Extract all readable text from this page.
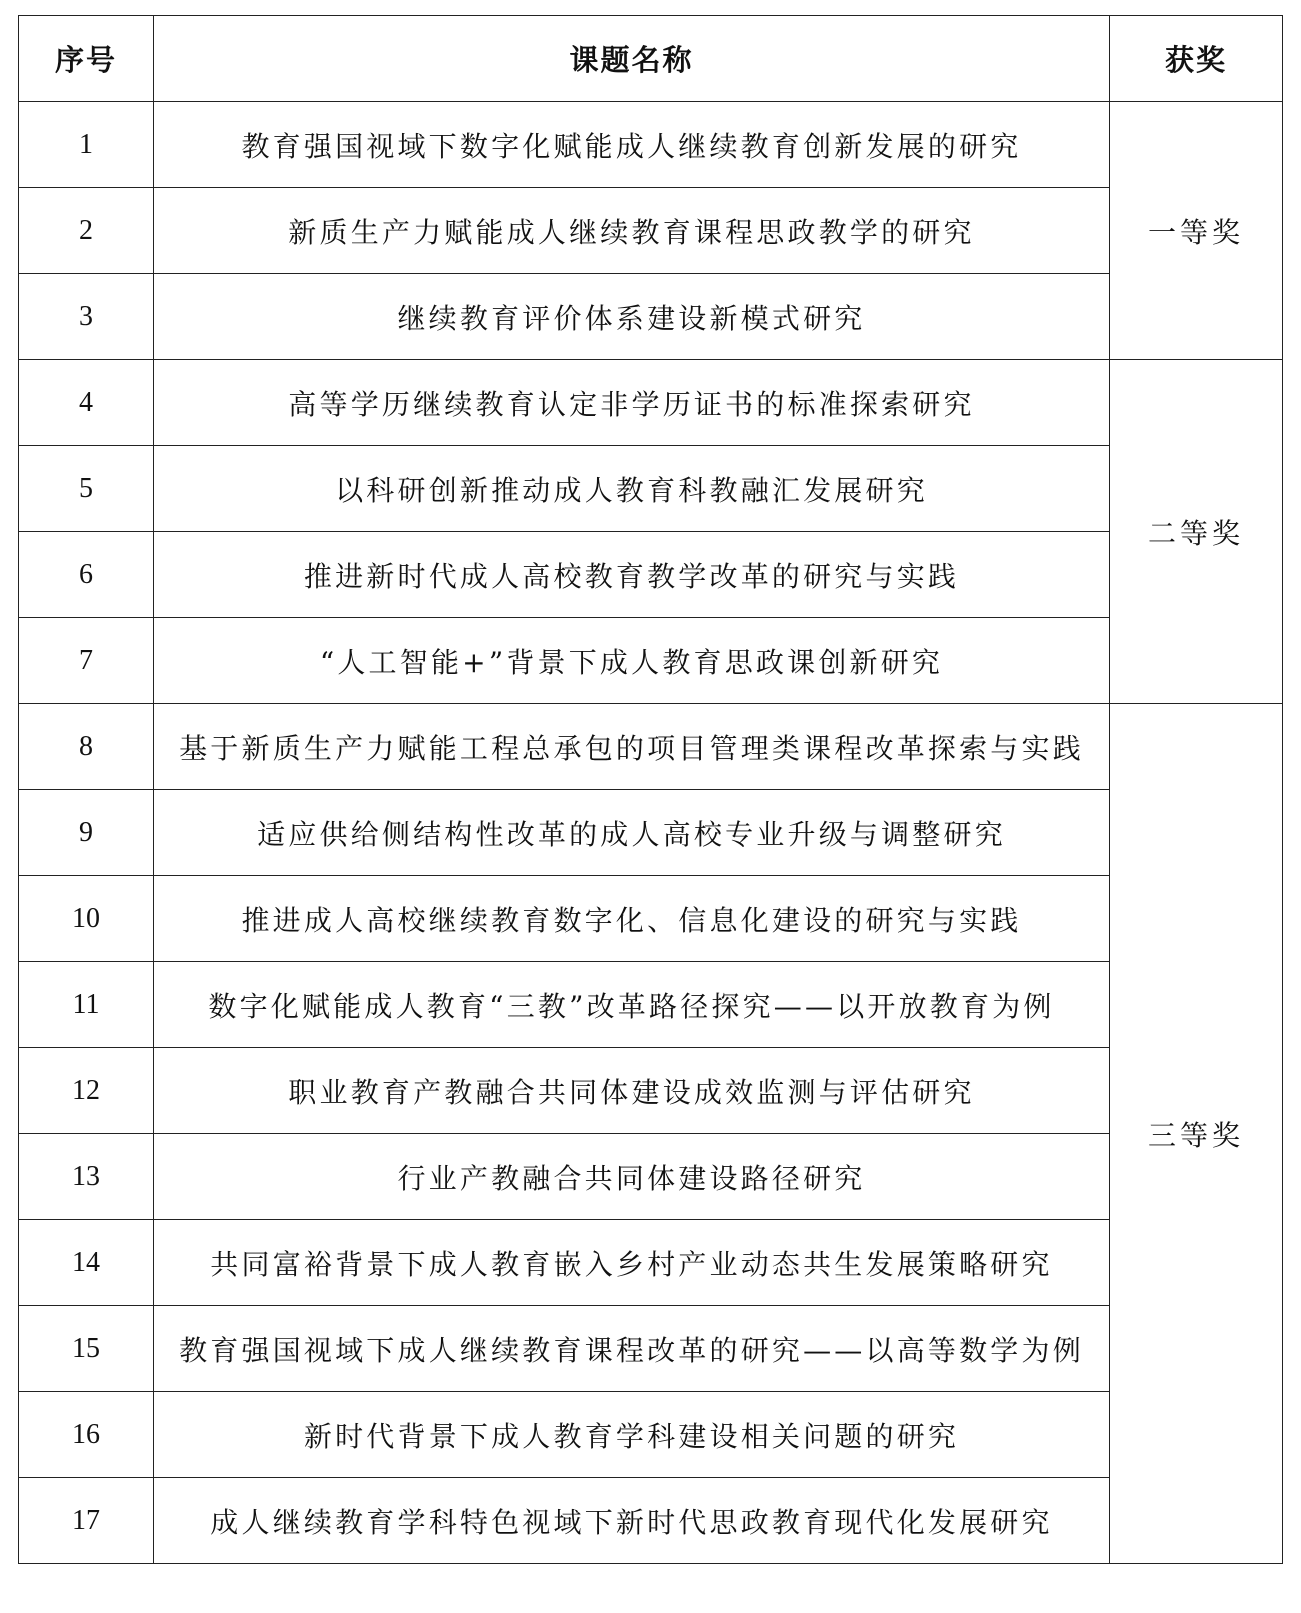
序号	课题名称	获奖
1	教育强国视域下数字化赋能成人继续教育创新发展的研究	一等奖
2	新质生产力赋能成人继续教育课程思政教学的研究	
3	继续教育评价体系建设新模式研究	
4	高等学历继续教育认定非学历证书的标准探索研究	二等奖
5	以科研创新推动成人教育科教融汇发展研究	
6	推进新时代成人高校教育教学改革的研究与实践	
7	“人工智能+”背景下成人教育思政课创新研究	
8	基于新质生产力赋能工程总承包的项目管理类课程改革探索与实践	三等奖
9	适应供给侧结构性改革的成人高校专业升级与调整研究	
10	推进成人高校继续教育数字化、信息化建设的研究与实践	
11	数字化赋能成人教育“三教”改革路径探究——以开放教育为例	
12	职业教育产教融合共同体建设成效监测与评估研究	
13	行业产教融合共同体建设路径研究	
14	共同富裕背景下成人教育嵌入乡村产业动态共生发展策略研究	
15	教育强国视域下成人继续教育课程改革的研究——以高等数学为例	
16	新时代背景下成人教育学科建设相关问题的研究	
17	成人继续教育学科特色视域下新时代思政教育现代化发展研究	
